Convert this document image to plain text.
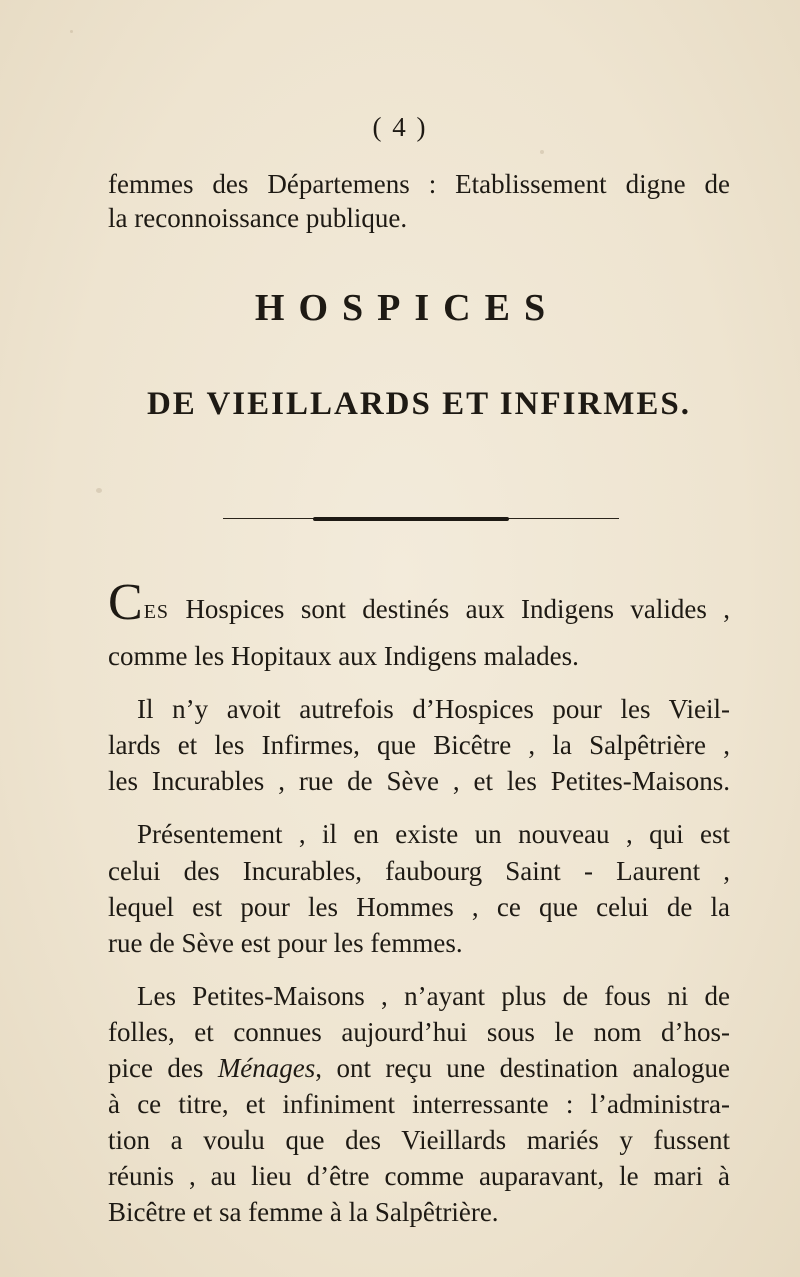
( 4 )
femmes des Départemens : Etablissement digne de
la reconnoissance publique.
HOSPICES
DE VIEILLARDS ET INFIRMES.
CES Hospices sont destinés aux Indigens valides ,
comme les Hopitaux aux Indigens malades.
Il n’y avoit autrefois d’Hospices pour les Vieil-
lards et les Infirmes, que Bicêtre , la Salpêtrière ,
les Incurables , rue de Sève , et les Petites-Maisons.
Présentement , il en existe un nouveau , qui est
celui des Incurables, faubourg Saint - Laurent ,
lequel est pour les Hommes , ce que celui de la
rue de Sève est pour les femmes.
Les Petites-Maisons , n’ayant plus de fous ni de
folles, et connues aujourd’hui sous le nom d’hos-
pice des Ménages, ont reçu une destination analogue
à ce titre, et infiniment interressante : l’administra-
tion a voulu que des Vieillards mariés y fussent
réunis , au lieu d’être comme auparavant, le mari à
Bicêtre et sa femme à la Salpêtrière.
